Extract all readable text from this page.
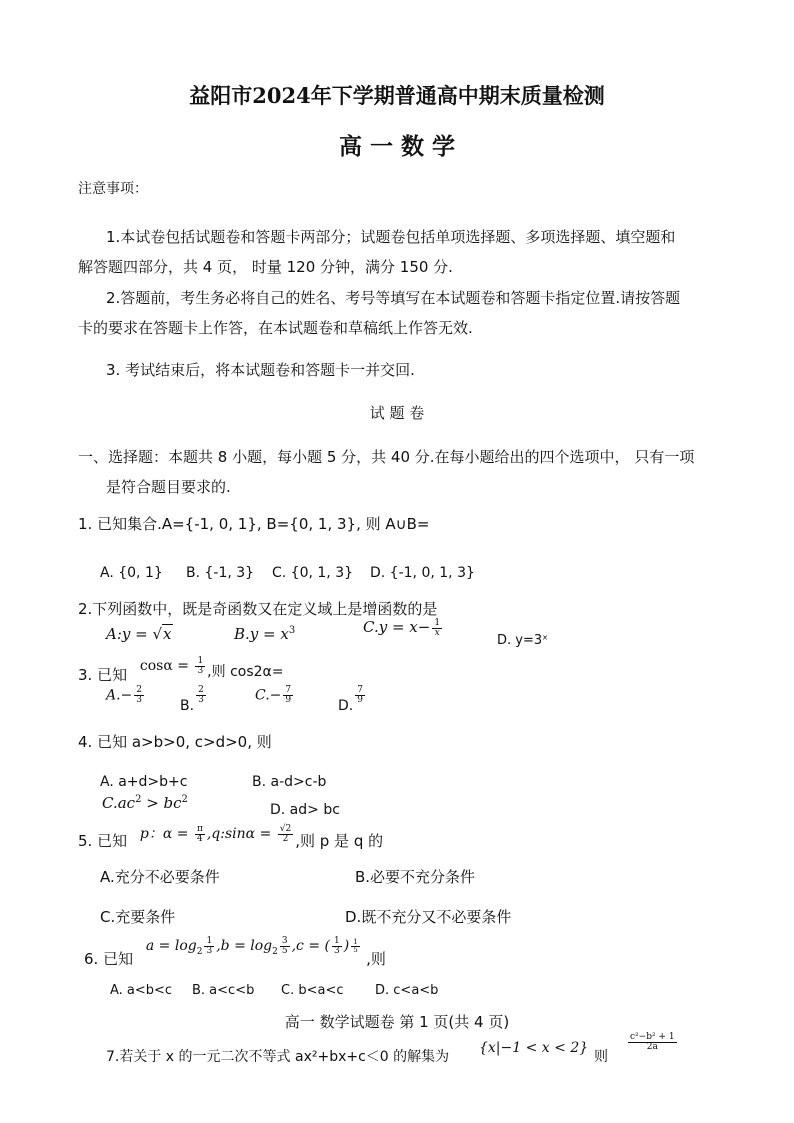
益阳市2024年下学期普通高中期末质量检测
高 一 数 学
注意事项：
1.本试卷包括试题卷和答题卡两部分；试题卷包括单项选择题、多项选择题、填空题和
解答题四部分，共 4 页， 时量 120 分钟，满分 150 分.
2.答题前，考生务必将自己的姓名、考号等填写在本试题卷和答题卡指定位置.请按答题
卡的要求在答题卡上作答，在本试题卷和草稿纸上作答无效.
3. 考试结束后，将本试题卷和答题卡一并交回.
试 题 卷
一、选择题：本题共 8 小题，每小题 5 分，共 40 分.在每小题给出的四个选项中， 只有一项
是符合题目要求的.
1. 已知集合.A={-1, 0, 1}, B={0, 1, 3}, 则 A∪B=
A. {0, 1} B. {-1, 3} C. {0, 1, 3} D. {-1, 0, 1, 3}
2.下列函数中，既是奇函数又在定义域上是增函数的是
A:y = √x	$B.y = x^3$	$C.y = x- \frac{1}{x}$
D. y=3ˣ
3. 已知 $\cos\alpha = \frac{1}{3}$ ,则 cos2α=
$A.- \frac{2}{3}$
B.
$\frac{2}{3}$	$C.- \frac{7}{9}$
D.
$\frac{7}{9}$
4. 已知 a>b>0, c>d>0, 则
A. a+d>b+c	B. a-d>c-b
$C.ac^2 > bc^2$
D. ad> bc
5. 已知 p：$\alpha = \frac{\pi}{4}$ ,q:sinα = $\frac{√2}{2}$ ,则 p 是 q 的
A.充分不必要条件	B.必要不充分条件
C.充要条件	D.既不充分又不必要条件
6. 已知 $a = \log_2 \frac{1}{3} ,b = \log_2 \frac{3}{5} ,c$ = ( $\frac{1}{3}$ ) $^{\frac{1}{5}}$
,则
A. a<b<c B. a<c<b C. b<a<c D. c<a<b
高一 数学试题卷 第 1 页(共 4 页)
7.若关于 x 的一元二次不等式 ax²+bx+c＜0 的解集为
{x|−1 < x < 2}
则
$\frac{\text{c²−b² + 1}}{2a}$
